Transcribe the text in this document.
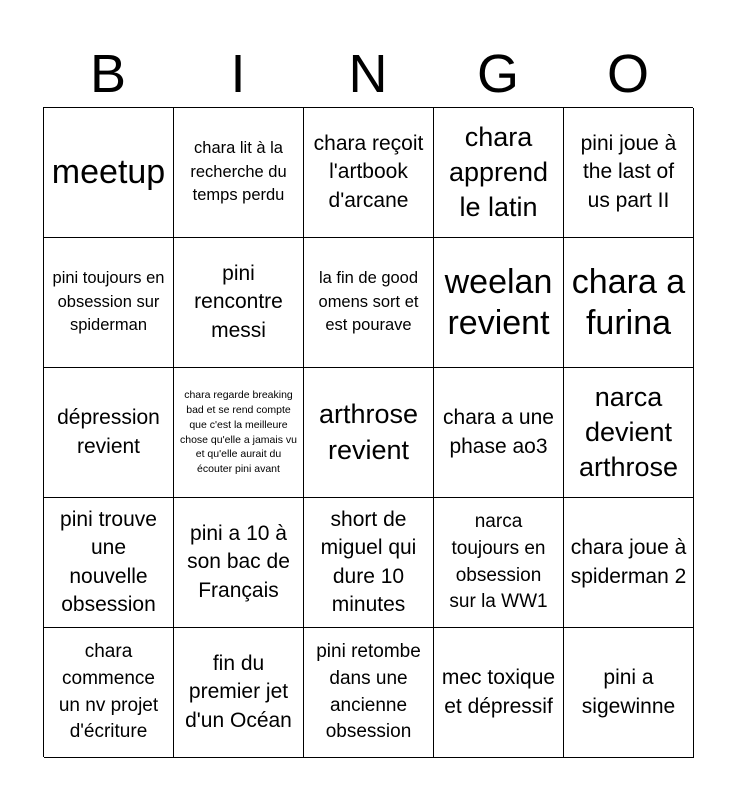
B	I	N	G	O
meetup
chara lit à la recherche du temps perdu
chara reçoit l'artbook d'arcane
chara apprend le latin
pini joue à the last of us part II
pini toujours en obsession sur spiderman
pini rencontre messi
la fin de good omens sort et est pourave
weelan revient
chara a furina
dépression revient
chara regarde breaking bad et se rend compte que c'est la meilleure chose qu'elle a jamais vu et qu'elle aurait du écouter pini avant
arthrose revient
chara a une phase ao3
narca devient arthrose
pini trouve une nouvelle obsession
pini a 10 à son bac de Français
short de miguel qui dure 10 minutes
narca toujours en obsession sur la WW1
chara joue à spiderman 2
chara commence un nv projet d'écriture
fin du premier jet d'un Océan
pini retombe dans une ancienne obsession
mec toxique et dépressif
pini a sigewinne
